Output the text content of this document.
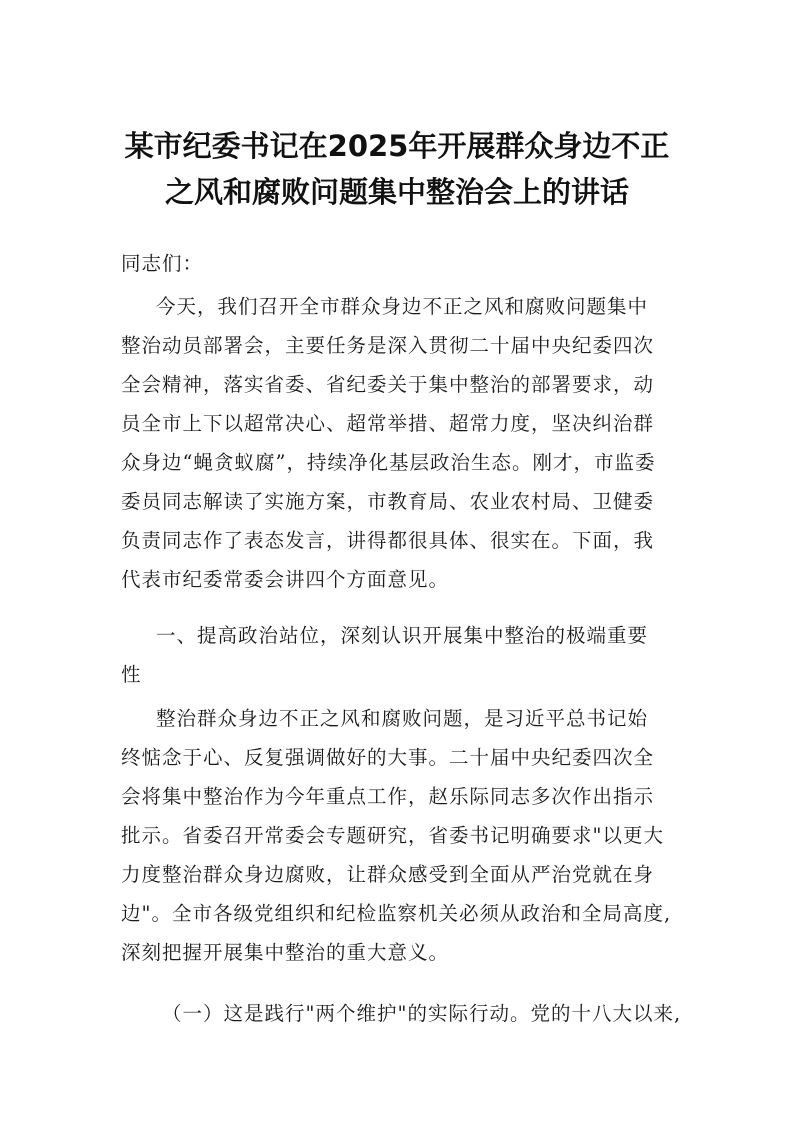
某市纪委书记在2025年开展群众身边不正
之风和腐败问题集中整治会上的讲话
同志们：
今天，我们召开全市群众身边不正之风和腐败问题集中
整治动员部署会，主要任务是深入贯彻二十届中央纪委四次
全会精神，落实省委、省纪委关于集中整治的部署要求，动
员全市上下以超常决心、超常举措、超常力度，坚决纠治群
众身边“蝇贪蚁腐”，持续净化基层政治生态。刚才，市监委
委员同志解读了实施方案，市教育局、农业农村局、卫健委
负责同志作了表态发言，讲得都很具体、很实在。下面，我
代表市纪委常委会讲四个方面意见。
一、提高政治站位，深刻认识开展集中整治的极端重要
性
整治群众身边不正之风和腐败问题，是习近平总书记始
终惦念于心、反复强调做好的大事。二十届中央纪委四次全
会将集中整治作为今年重点工作，赵乐际同志多次作出指示
批示。省委召开常委会专题研究，省委书记明确要求"以更大
力度整治群众身边腐败，让群众感受到全面从严治党就在身
边"。全市各级党组织和纪检监察机关必须从政治和全局高度,
深刻把握开展集中整治的重大意义。
（一）这是践行"两个维护"的实际行动。党的十八大以来,
